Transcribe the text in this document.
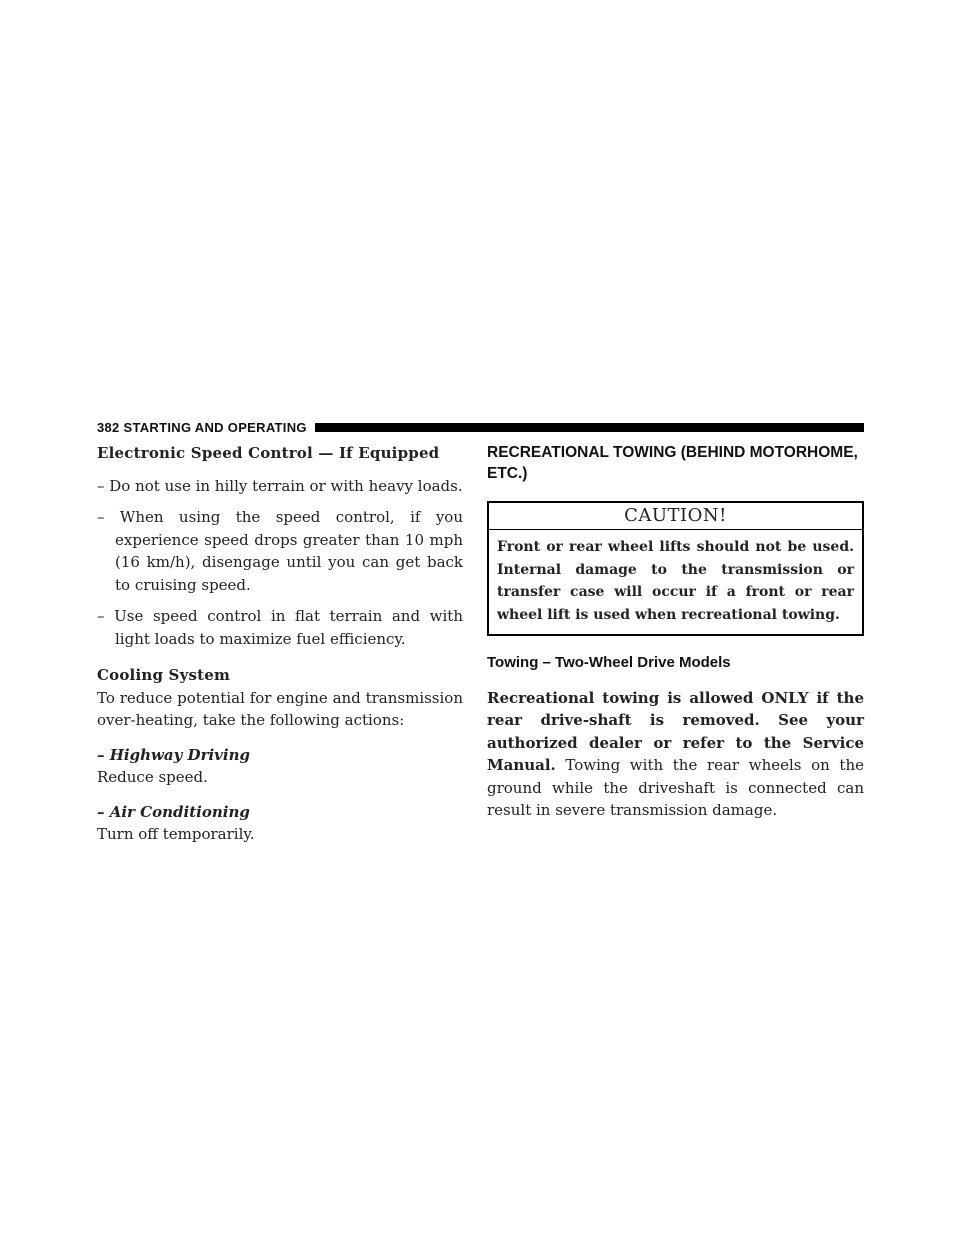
382 STARTING AND OPERATING

Electronic Speed Control — If Equipped

– Do not use in hilly terrain or with heavy loads.

– When using the speed control, if you experience speed drops greater than 10 mph (16 km/h), disengage until you can get back to cruising speed.

– Use speed control in flat terrain and with light loads to maximize fuel efficiency.

Cooling System

To reduce potential for engine and transmission over-heating, take the following actions:

– Highway Driving

Reduce speed.

– Air Conditioning

Turn off temporarily.

RECREATIONAL TOWING (BEHIND MOTORHOME, ETC.)

CAUTION!

Front or rear wheel lifts should not be used. Internal damage to the transmission or transfer case will occur if a front or rear wheel lift is used when recreational towing.

Towing – Two-Wheel Drive Models

Recreational towing is allowed ONLY if the rear drive-shaft is removed. See your authorized dealer or refer to the Service Manual. Towing with the rear wheels on the ground while the driveshaft is connected can result in severe transmission damage.
